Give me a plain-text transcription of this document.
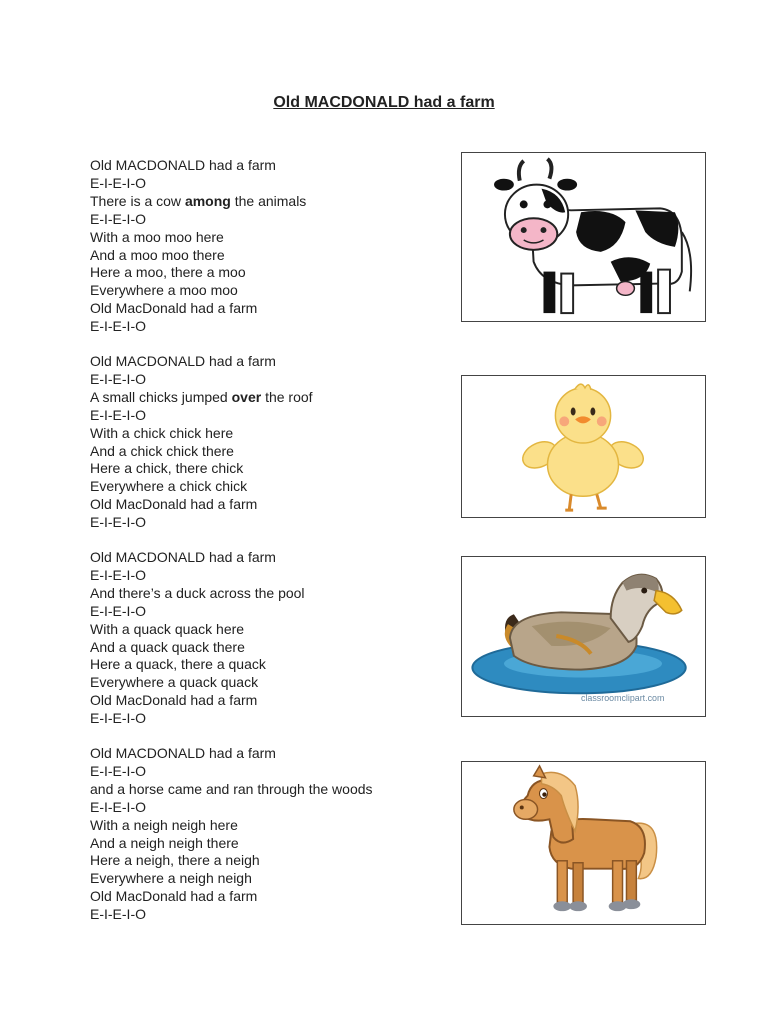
Old MACDONALD had a farm
Old MACDONALD had a farm
E-I-E-I-O
There is a cow among the animals
E-I-E-I-O
With a moo moo here
And a moo moo there
Here a moo, there a moo
Everywhere a moo moo
Old MacDonald had a farm
E-I-E-I-O
Old MACDONALD had a farm
E-I-E-I-O
A small chicks jumped over the roof
E-I-E-I-O
With a chick chick here
And a chick chick there
Here a chick, there chick
Everywhere a chick chick
Old MacDonald had a farm
E-I-E-I-O
Old MACDONALD had a farm
E-I-E-I-O
And there’s a duck across the pool
E-I-E-I-O
With a quack quack here
And a quack quack there
Here a quack, there a quack
Everywhere a quack quack
Old MacDonald had a farm
E-I-E-I-O
Old MACDONALD had a farm
E-I-E-I-O
and a horse came and ran through the woods
E-I-E-I-O
With a neigh neigh here
And a neigh neigh there
Here a neigh, there a neigh
Everywhere a neigh neigh
Old MacDonald had a farm
E-I-E-I-O
classroomclipart.com
